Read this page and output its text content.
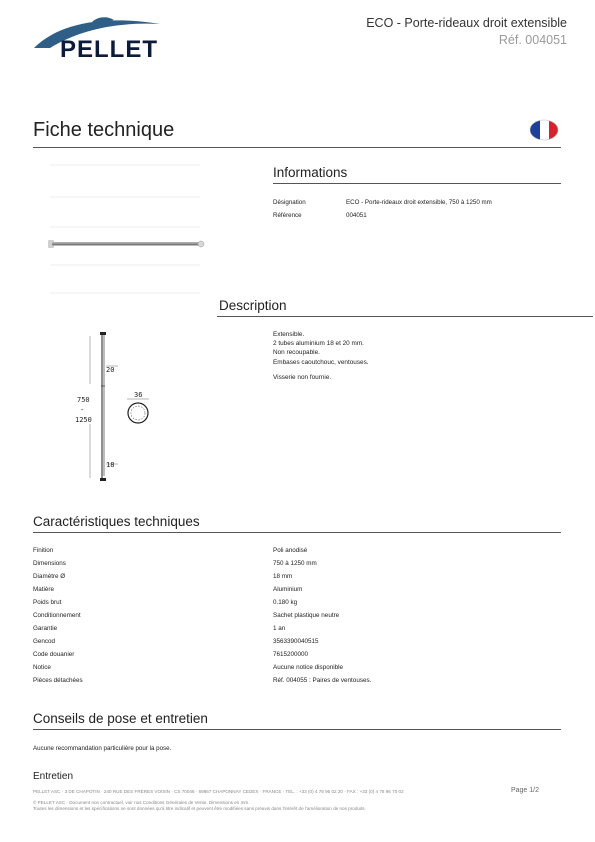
PELLET
ECO - Porte-rideaux droit extensible
Réf. 004051
Fiche technique
Informations
Désignation	ECO - Porte-rideaux droit extensible, 750 à 1250 mm
Référence	004051
Description
Extensible.
2 tubes aluminium 18 et 20 mm.
Non recoupable.
Embases caoutchouc, ventouses.
Visserie non fournie.
20
36
750
-
1250
18
Caractéristiques techniques
Finition	Poli anodisé
Dimensions	750 à 1250 mm
Diamètre Ø	18 mm
Matière	Aluminium
Poids brut	0.180 kg
Conditionnement	Sachet plastique neutre
Garantie	1 an
Gencod	3563390040515
Code douanier	7615200000
Notice	Aucune notice disponible
Pièces détachées	Réf. 004055 : Paires de ventouses.
Conseils de pose et entretien
Aucune recommandation particulière pour la pose.
Entretien
PELLET ASC · 3 DE CHAPOTIN · 240 RUE DES FRÈRES VOISIN · CS 70046 · 69867 CHAPONNAY CEDEX · FRANCE · TEL. : +33 (0) 4 78 96 02 20 · FAX : +33 (0) 4 78 96 70 02
© PELLET ASC · Document non contractuel, voir nos Conditions Générales de Vente. Dimensions en mm.
Toutes les dimensions et les spécifications ne sont données qu'à titre indicatif et peuvent être modifiées sans préavis dans l'intérêt de l'amélioration de nos produits.
Page 1/2
